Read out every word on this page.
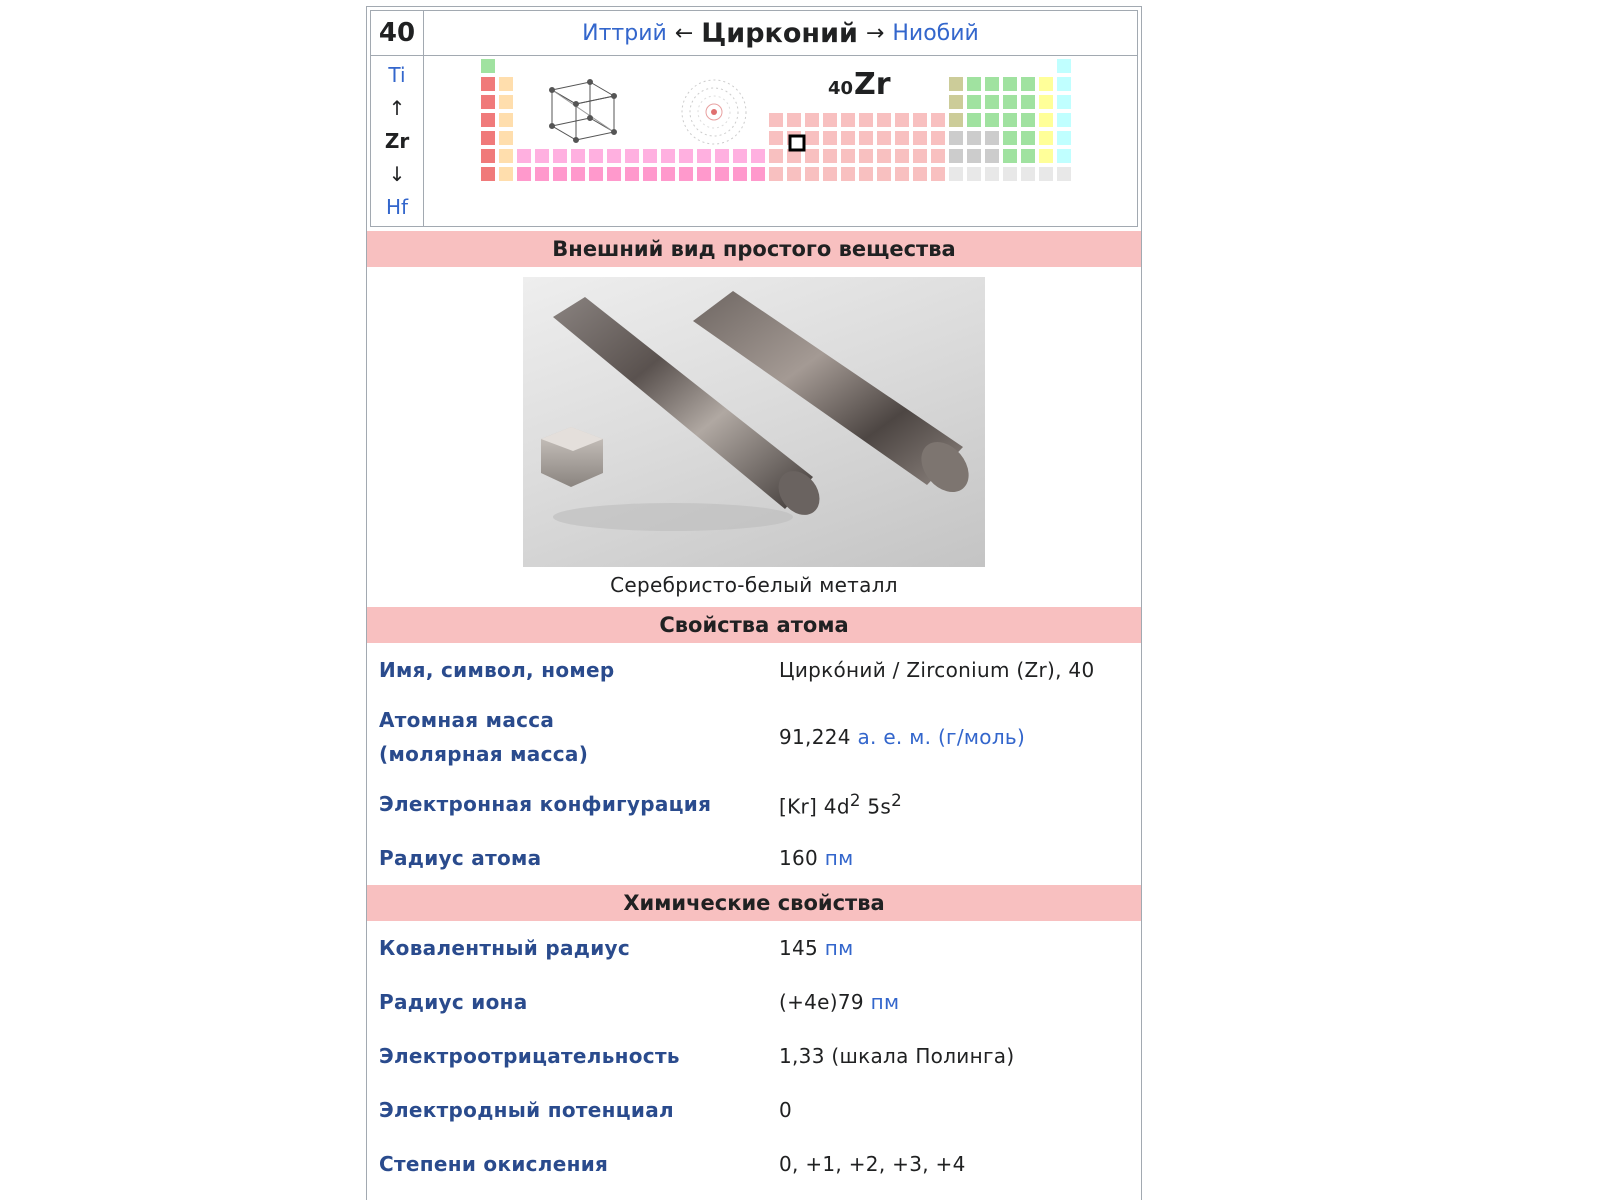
40	Иттрий ← Цирконий → Ниобий
Ti
↑
Zr
↓
Hf
40 Zr
Внешний вид простого вещества
Серебристо-белый металл
Свойства атома
Имя, символ, номер	Цирко́ний / Zirconium (Zr), 40
Атомная масса
(молярная масса)	91,224 а. е. м. (г/моль)
Электронная конфигурация	[Kr] $4d^2$ $5s^2$
Радиус атома	160 пм
Химические свойства
Ковалентный радиус	145 пм
Радиус иона	(+4e)79 пм
Электроотрицательность	1,33 (шкала Полинга)
Электродный потенциал	0
Степени окисления	0, +1, +2, +3, +4
